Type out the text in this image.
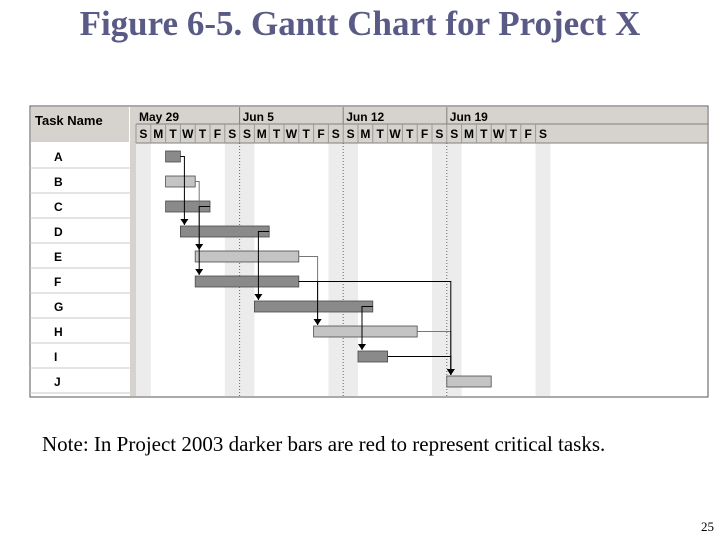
Figure 6-5. Gantt Chart for Project X
Task Name
A
B
C
D
E
F
G
H
I
J
May 29	Jun 5	Jun 12	Jun 19
S M T W T F S S M T W T F S S M T W T F S S M T W T F S
Note: In Project 2003 darker bars are red to represent critical tasks.
25
